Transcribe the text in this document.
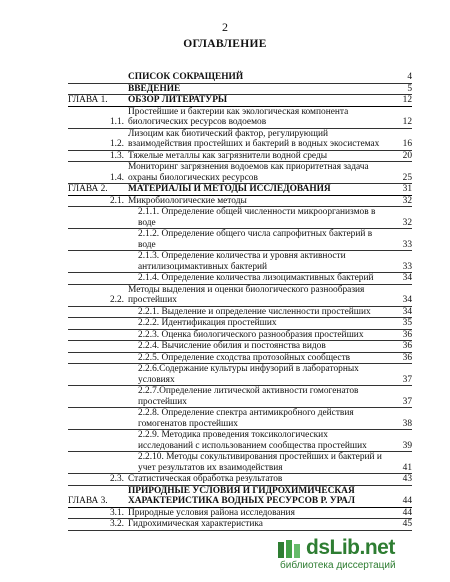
2
ОГЛАВЛЕНИЕ
	СПИСОК СОКРАЩЕНИЙ	4
	ВВЕДЕНИЕ	5
ГЛАВА 1.	ОБЗОР ЛИТЕРАТУРЫ	12
1.1.	Простейшие и бактерии как экологическая компонента биологических ресурсов водоемов	12
1.2.	Лизоцим как биотический фактор, регулирующий взаимодействия простейших и бактерий в водных экосистемах	16
1.3.	Тяжелые металлы как загрязнители водной среды	20
1.4.	Мониторинг загрязнения водоемов как приоритетная задача охраны биологических ресурсов	25
ГЛАВА 2.	МАТЕРИАЛЫ И МЕТОДЫ ИССЛЕДОВАНИЯ	31
2.1.	Микробиологические методы	32
	2.1.1. Определение общей численности микроорганизмов в воде	32
	2.1.2. Определение общего числа сапрофитных бактерий в воде	33
	2.1.3. Определение количества и уровня активности антилизоцимактивных бактерий	33
	2.1.4. Определение количества лизоцимактивных бактерий	34
2.2.	Методы выделения и оценки биологического разнообразия простейших	34
	2.2.1. Выделение и определение численности простейших	34
	2.2.2. Идентификация простейших	35
	2.2.3. Оценка биологического разнообразия простейших	36
	2.2.4. Вычисление обилия и постоянства видов	36
	2.2.5. Определение сходства протозойных сообществ	36
	2.2.6.Содержание культуры инфузорий в лабораторных условиях	37
	2.2.7.Определение литической активности гомогенатов простейших	37
	2.2.8. Определение спектра антимикробного действия гомогенатов простейших	38
	2.2.9. Методика проведения токсикологических исследований с использованием сообщества простейших	39
	2.2.10. Методы сокультивирования простейших и бактерий и учет результатов их взаимодействия	41
2.3.	Статистическая обработка результатов	43
ГЛАВА 3.	ПРИРОДНЫЕ УСЛОВИЯ И ГИДРОХИМИЧЕСКАЯ ХАРАКТЕРИСТИКА ВОДНЫХ РЕСУРСОВ Р. УРАЛ	44
3.1.	Природные условия района исследования	44
3.2.	Гидрохимическая характеристика	45
dsLib.net
библиотека диссертаций
